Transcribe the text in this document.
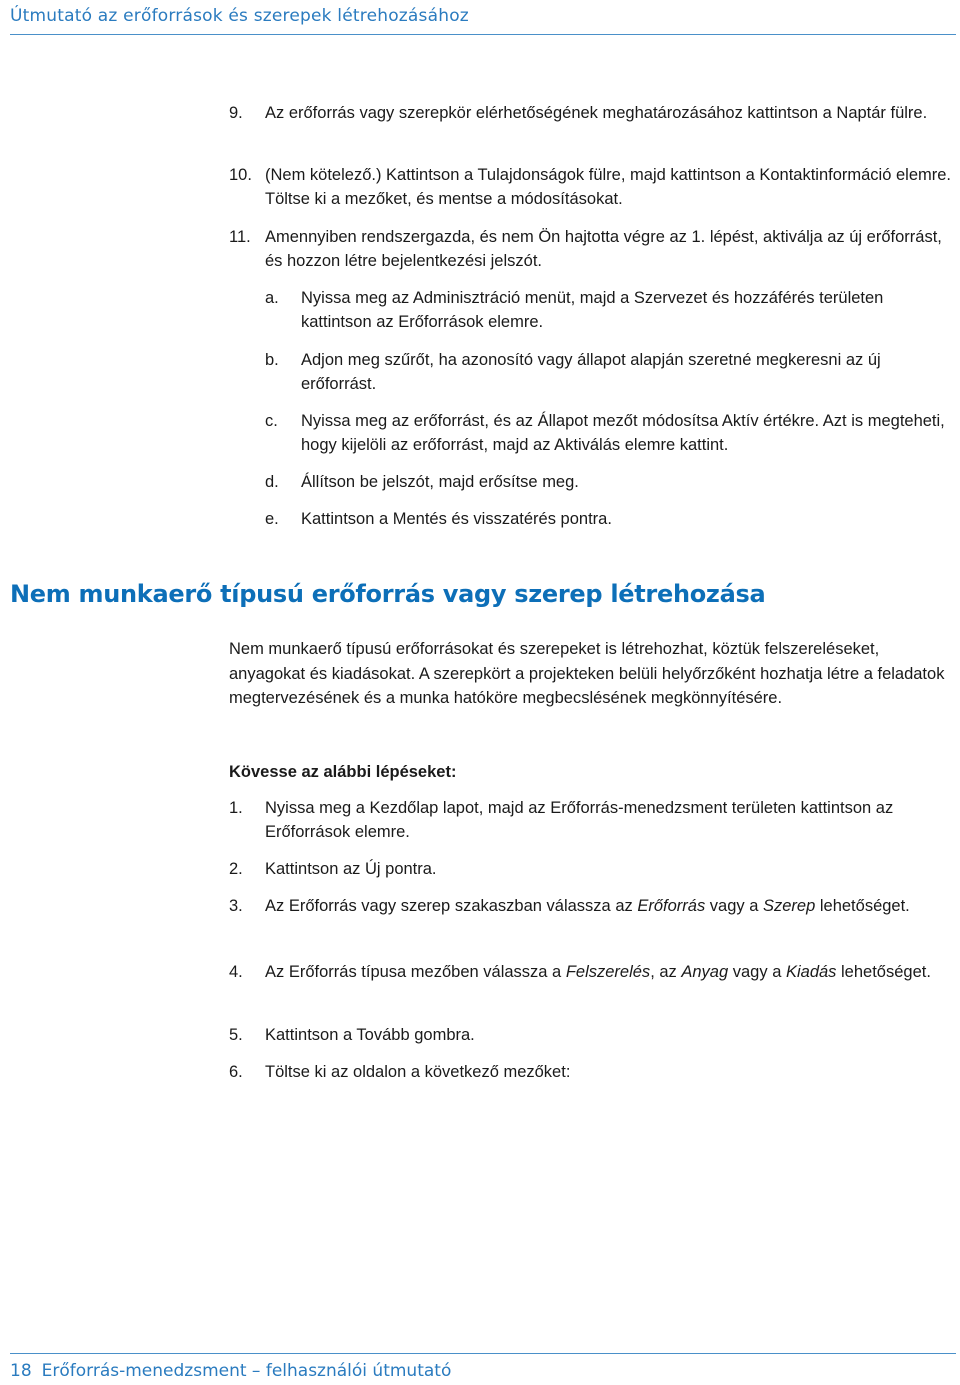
Útmutató az erőforrások és szerepek létrehozásához
9. Az erőforrás vagy szerepkör elérhetőségének meghatározásához kattintson a Naptár fülre.
10. (Nem kötelező.) Kattintson a Tulajdonságok fülre, majd kattintson a Kontaktinformáció elemre. Töltse ki a mezőket, és mentse a módosításokat.
11. Amennyiben rendszergazda, és nem Ön hajtotta végre az 1. lépést, aktiválja az új erőforrást, és hozzon létre bejelentkezési jelszót.
a. Nyissa meg az Adminisztráció menüt, majd a Szervezet és hozzáférés területen kattintson az Erőforrások elemre.
b. Adjon meg szűrőt, ha azonosító vagy állapot alapján szeretné megkeresni az új erőforrást.
c. Nyissa meg az erőforrást, és az Állapot mezőt módosítsa Aktív értékre. Azt is megteheti, hogy kijelöli az erőforrást, majd az Aktiválás elemre kattint.
d. Állítson be jelszót, majd erősítse meg.
e. Kattintson a Mentés és visszatérés pontra.
Nem munkaerő típusú erőforrás vagy szerep létrehozása
Nem munkaerő típusú erőforrásokat és szerepeket is létrehozhat, köztük felszereléseket, anyagokat és kiadásokat. A szerepkört a projekteken belüli helyőrzőként hozhatja létre a feladatok megtervezésének és a munka hatóköre megbecslésének megkönnyítésére.
Kövesse az alábbi lépéseket:
1. Nyissa meg a Kezdőlap lapot, majd az Erőforrás-menedzsment területen kattintson az Erőforrások elemre.
2. Kattintson az Új pontra.
3. Az Erőforrás vagy szerep szakaszban válassza az Erőforrás vagy a Szerep lehetőséget.
4. Az Erőforrás típusa mezőben válassza a Felszerelés, az Anyag vagy a Kiadás lehetőséget.
5. Kattintson a Tovább gombra.
6. Töltse ki az oldalon a következő mezőket:
18 Erőforrás-menedzsment – felhasználói útmutató
